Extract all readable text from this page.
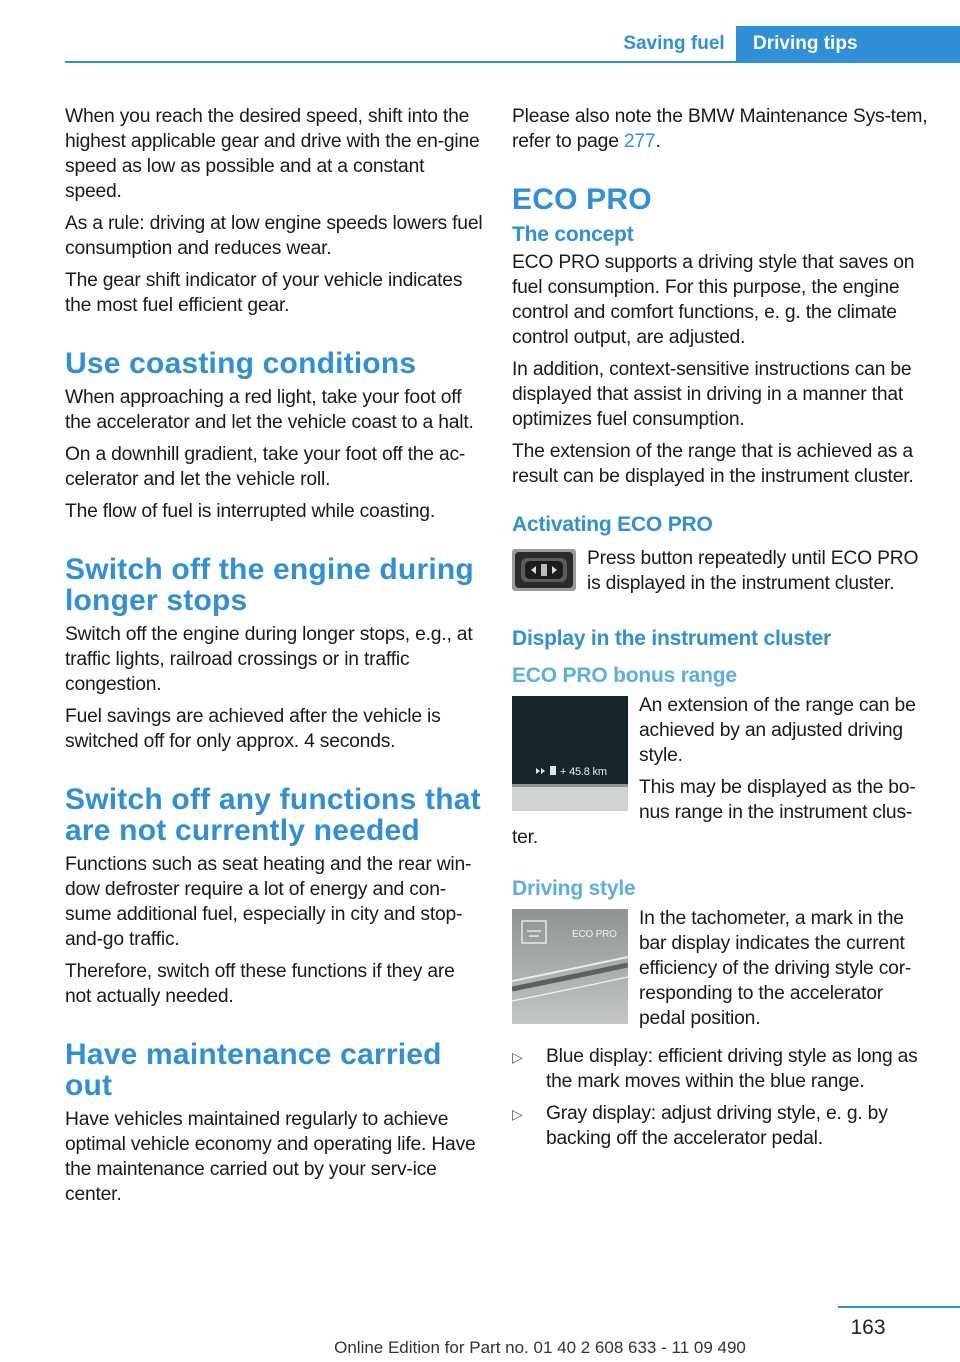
Saving fuel	Driving tips

When you reach the desired speed, shift into the highest applicable gear and drive with the en‐gine speed as low as possible and at a constant speed.

As a rule: driving at low engine speeds lowers fuel consumption and reduces wear.

The gear shift indicator of your vehicle indicates the most fuel efficient gear.

Use coasting conditions

When approaching a red light, take your foot off the accelerator and let the vehicle coast to a halt.

On a downhill gradient, take your foot off the ac‐celerator and let the vehicle roll.

The flow of fuel is interrupted while coasting.

Switch off the engine during longer stops

Switch off the engine during longer stops, e.g., at traffic lights, railroad crossings or in traffic congestion.

Fuel savings are achieved after the vehicle is switched off for only approx. 4 seconds.

Switch off any functions that are not currently needed

Functions such as seat heating and the rear win‐dow defroster require a lot of energy and con‐sume additional fuel, especially in city and stop-and-go traffic.

Therefore, switch off these functions if they are not actually needed.

Have maintenance carried out

Have vehicles maintained regularly to achieve optimal vehicle economy and operating life. Have the maintenance carried out by your serv‐ice center.

Please also note the BMW Maintenance Sys‐tem, refer to page 277.

ECO PRO
The concept

ECO PRO supports a driving style that saves on fuel consumption. For this purpose, the engine control and comfort functions, e. g. the climate control output, are adjusted.

In addition, context-sensitive instructions can be displayed that assist in driving in a manner that optimizes fuel consumption.

The extension of the range that is achieved as a result can be displayed in the instrument cluster.

Activating ECO PRO

Press button repeatedly until ECO PRO is displayed in the instrument cluster.

Display in the instrument cluster
ECO PRO bonus range
+ 45.8 km

An extension of the range can be achieved by an adjusted driving style.

This may be displayed as the bo‐nus range in the instrument clus‐ter.

Driving style
ECO PRO

In the tachometer, a mark in the bar display indicates the current efficiency of the driving style cor‐responding to the accelerator pedal position.

▷	Blue display: efficient driving style as long as the mark moves within the blue range.
▷	Gray display: adjust driving style, e. g. by backing off the accelerator pedal.
163
Online Edition for Part no. 01 40 2 608 633 - 11 09 490
